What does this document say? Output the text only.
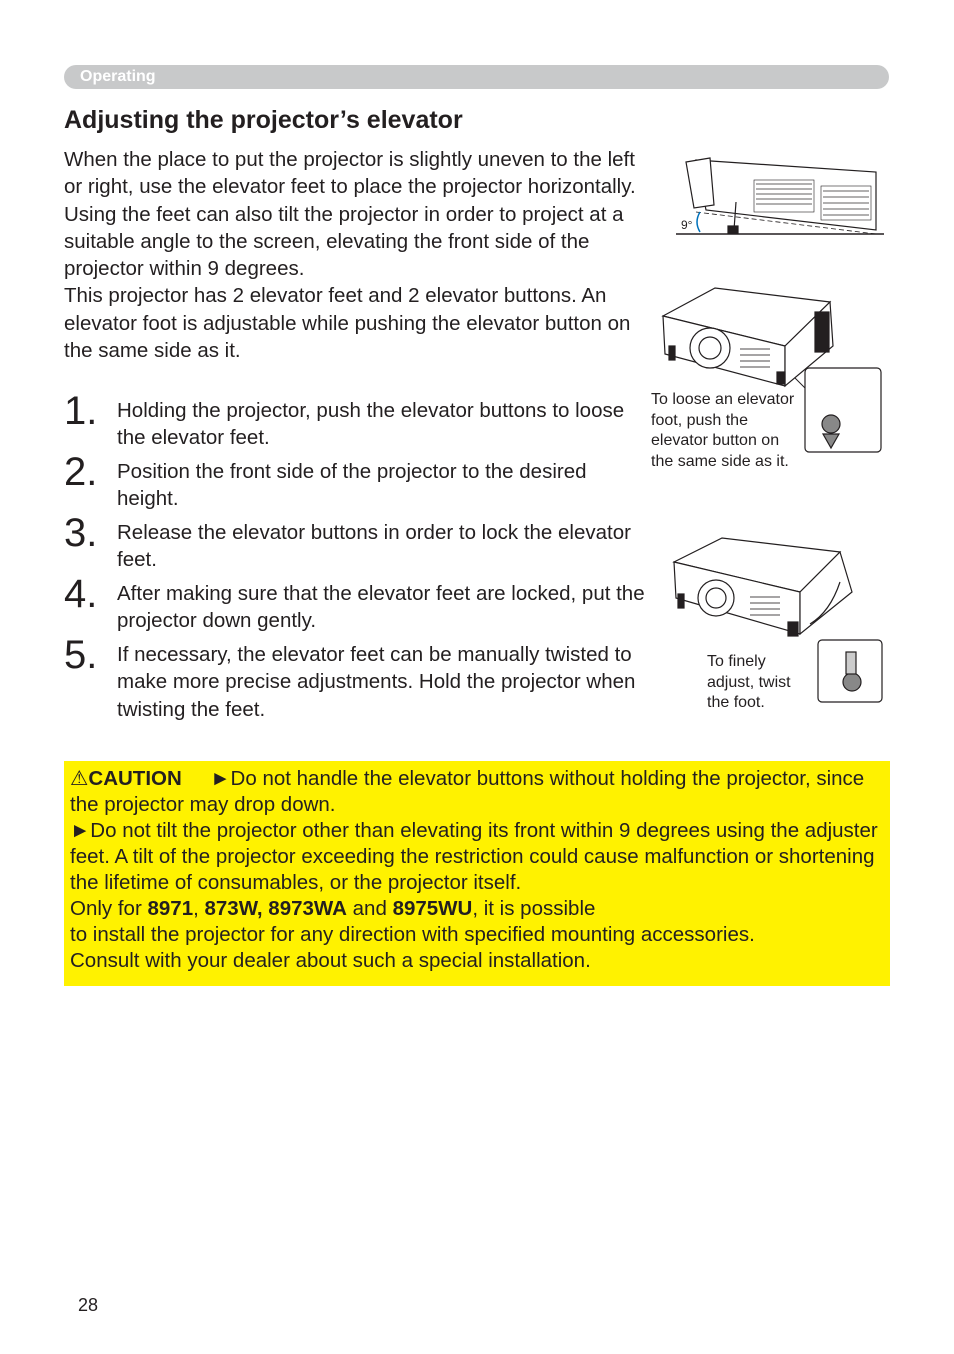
Operating
Adjusting the projector’s elevator

When the place to put the projector is slightly uneven to the left or right, use the elevator feet to place the projector horizontally.

Using the feet can also tilt the projector in order to project at a suitable angle to the screen, elevating the front side of the projector within 9 degrees.

This projector has 2 elevator feet and 2 elevator buttons. An elevator foot is adjustable while pushing the elevator button on the same side as it.

1. Holding the projector, push the elevator buttons to loose the elevator feet.
2. Position the front side of the projector to the desired height.
3. Release the elevator buttons in order to lock the elevator feet.
4. After making sure that the elevator feet are locked, put the projector down gently.
5. If necessary, the elevator feet can be manually twisted to make more precise adjustments. Hold the projector when twisting the feet.
9°
To loose an elevator foot, push the elevator button on the same side as it.
To finely adjust, twist the foot.

⚠CAUTION ►Do not handle the elevator buttons without holding the projector, since the projector may drop down.

►Do not tilt the projector other than elevating its front within 9 degrees using the adjuster feet. A tilt of the projector exceeding the restriction could cause malfunction or shortening the lifetime of consumables, or the projector itself.

Only for 8971, 873W, 8973WA and 8975WU, it is possible

to install the projector for any direction with specified mounting accessories.

Consult with your dealer about such a special installation.

28
